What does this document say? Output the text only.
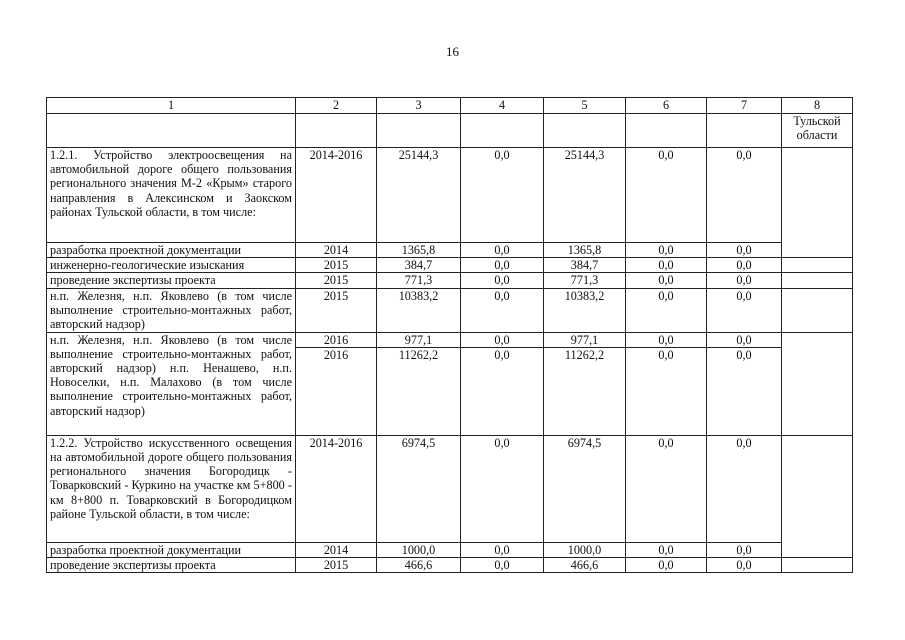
16
1	2	3	4	5	6	7	8
							Тульской области
1.2.1. Устройство электроосвещения на автомобильной дороге общего пользования регионального значения М-2 «Крым» старого направления в Алексинском и Заокском районах Тульской области, в том числе:	2014-2016	25144,3	0,0	25144,3	0,0	0,0	
разработка проектной документации	2014	1365,8	0,0	1365,8	0,0	0,0	
инженерно-геологические изыскания	2015	384,7	0,0	384,7	0,0	0,0	
проведение экспертизы проекта	2015	771,3	0,0	771,3	0,0	0,0	
н.п. Железня, н.п. Яковлево (в том числе выполнение строительно-монтажных работ, авторский надзор)	2015	10383,2	0,0	10383,2	0,0	0,0	
н.п. Железня, н.п. Яковлево (в том числе выполнение строительно-монтажных работ, авторский надзор) н.п. Ненашево, н.п. Новоселки, н.п. Малахово (в том числе выполнение строительно-монтажных работ, авторский надзор)	2016	977,1	0,0	977,1	0,0	0,0	
	2016	11262,2	0,0	11262,2	0,0	0,0	
1.2.2. Устройство искусственного освещения на автомобильной дороге общего пользования регионального значения Богородицк - Товарковский - Куркино на участке км 5+800 - км 8+800 п. Товарковский в Богородицком районе Тульской области, в том числе:	2014-2016	6974,5	0,0	6974,5	0,0	0,0	
разработка проектной документации	2014	1000,0	0,0	1000,0	0,0	0,0	
проведение экспертизы проекта	2015	466,6	0,0	466,6	0,0	0,0	
